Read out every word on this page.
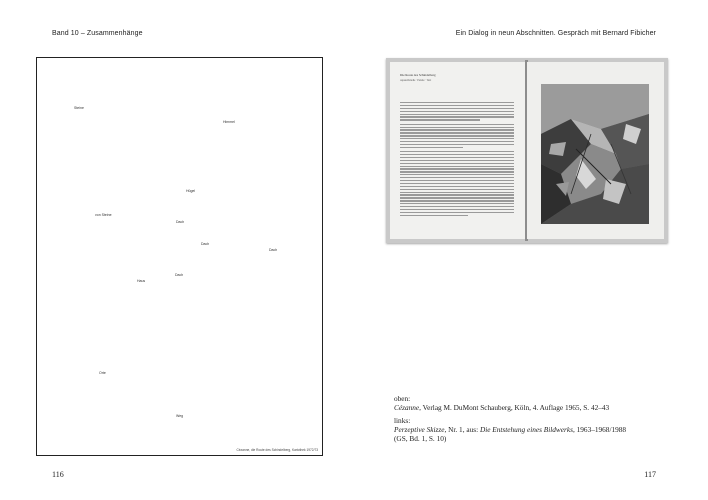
Band 10 – Zusammenhänge	Ein Dialog in neun Abschnitten. Gespräch mit Bernard Fibicher
Steine
Himmel
Hügel
von Steine
Dach
Dach
Dach
Dach
Haus
Orte
Weg
Cézanne, die Route des Schindelberg, Kartothek 1972/73
116
Die Route des Schindelberg
Aquarellstudie · Palette · Text
oben:
Cézanne, Verlag M. DuMont Schauberg, Köln, 4. Auflage 1965, S. 42–43
links:
Perzeptive Skizze, Nr. 1, aus: Die Entstehung eines Bildwerks, 1963–1968/1988
(GS, Bd. 1, S. 10)
117
